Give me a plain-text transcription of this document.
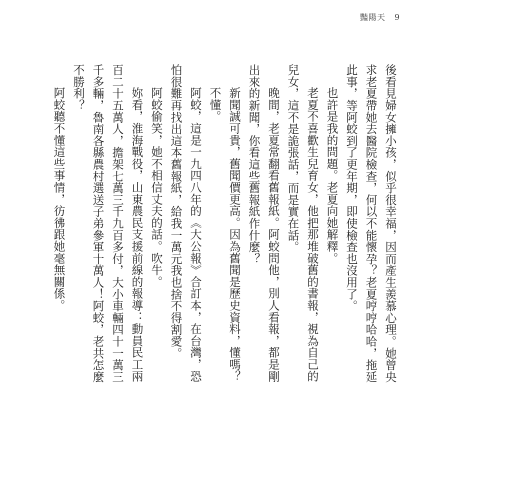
豔陽天 9

後看見婦女擁小孩，似乎很幸福，因而產生羨慕心理。她曾央求老夏帶她去醫院檢查，何以不能懷孕？老夏哼哼哈哈，拖延此事，等阿蛟到了更年期，即使檢查也沒用了。

也許是我的問題。老夏向她解釋。

老夏不喜歡生兒育女，他把那堆破舊的書報，視為自己的兒女，這不是詭張話，而是實在話。

晚間，老夏常翻看舊報紙。阿蛟問他，別人看報，都是剛出來的新聞，你看這些舊報紙作什麼？

新聞誠可貴，舊聞價更高。因為舊聞是歷史資料，懂嗎？

不懂。

阿蛟，這是一九四八年的《大公報》合訂本，在台灣，恐怕很難再找出這本舊報紙，給我一萬元我也捨不得割愛。

阿蛟偷笑，她不相信丈夫的話。吹牛。

妳看，淮海戰役，山東農民支援前線的報導：動員民工兩百二十五萬人，擔架七萬三千九百多付，大小車輛四十一萬三千多輛，魯南各縣農村選送子弟參軍十萬人！阿蛟，老共怎麼不勝利？

阿蛟聽不懂這些事情，彷彿跟她毫無關係。
